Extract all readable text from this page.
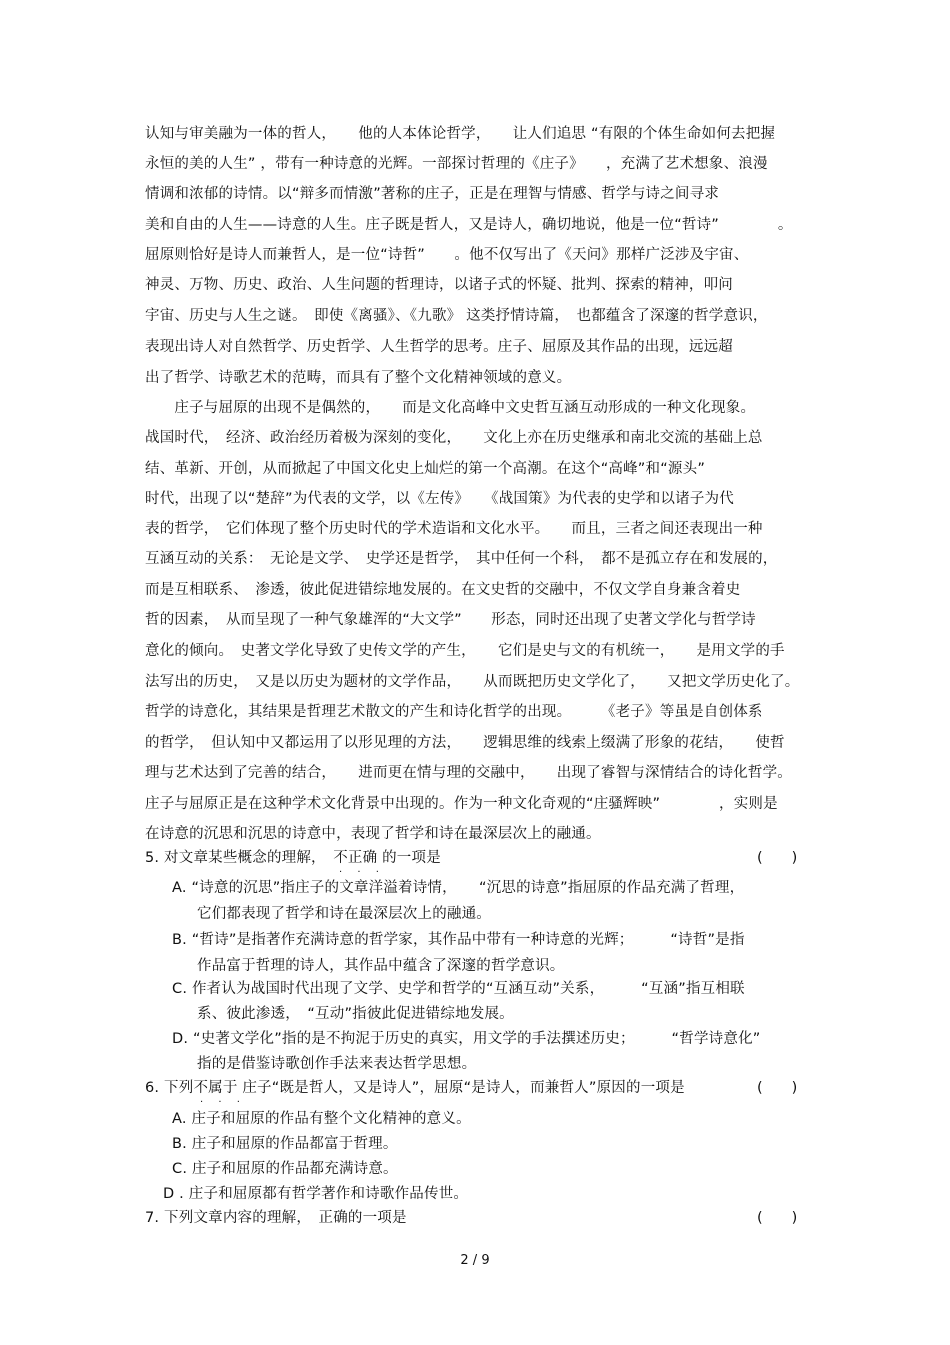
认知与审美融为一体的哲人，　　他的人本体论哲学，　　让人们追思 “有限的个体生命如何去把握
永恒的美的人生” ，带有一种诗意的光辉。一部探讨哲理的《庄子》　　，充满了艺术想象、浪漫
情调和浓郁的诗情。以“辩多而情激”著称的庄子，正是在理智与情感、哲学与诗之间寻求
美和自由的人生——诗意的人生。庄子既是哲人，又是诗人，确切地说，他是一位“哲诗”　　　　。
屈原则恰好是诗人而兼哲人，是一位“诗哲”　　。他不仅写出了《天问》那样广泛涉及宇宙、
神灵、万物、历史、政治、人生问题的哲理诗，以诸子式的怀疑、批判、探索的精神，叩问
宇宙、历史与人生之谜。　即使《离骚》、《九歌》 这类抒情诗篇，　也都蕴含了深邃的哲学意识，
表现出诗人对自然哲学、历史哲学、人生哲学的思考。庄子、屈原及其作品的出现，远远超
出了哲学、诗歌艺术的范畴，而具有了整个文化精神领域的意义。
　　庄子与屈原的出现不是偶然的，　　而是文化高峰中文史哲互涵互动形成的一种文化现象。
战国时代，　经济、政治经历着极为深刻的变化，　　文化上亦在历史继承和南北交流的基础上总
结、革新、开创，从而掀起了中国文化史上灿烂的第一个高潮。在这个“高峰”和“源头”
时代，出现了以“楚辞”为代表的文学，以《左传》　　《战国策》为代表的史学和以诸子为代
表的哲学，　它们体现了整个历史时代的学术造诣和文化水平。　　而且，三者之间还表现出一种
互涵互动的关系：　无论是文学、　史学还是哲学，　其中任何一个科，　都不是孤立存在和发展的，
而是互相联系、　渗透，彼此促进错综地发展的。在文史哲的交融中，不仅文学自身兼含着史
哲的因素，　从而呈现了一种气象雄浑的“大文学”　　形态，同时还出现了史著文学化与哲学诗
意化的倾向。　史著文学化导致了史传文学的产生，　　它们是史与文的有机统一，　　是用文学的手
法写出的历史，　又是以历史为题材的文学作品，　　从而既把历史文学化了，　　又把文学历史化了。
哲学的诗意化，其结果是哲理艺术散文的产生和诗化哲学的出现。　　　《老子》等虽是自创体系
的哲学，　但认知中又都运用了以形见理的方法，　　逻辑思维的线索上缀满了形象的花结，　　使哲
理与艺术达到了完善的结合，　　进而更在情与理的交融中，　　出现了睿智与深情结合的诗化哲学。
庄子与屈原正是在这种学术文化背景中出现的。作为一种文化奇观的“庄骚辉映”　　　　，实则是
在诗意的沉思和沉思的诗意中，表现了哲学和诗在最深层次上的融通。
5. 对文章某些概念的理解，　不正确 的一项是
· · ·
(　　)
A. “诗意的沉思”指庄子的文章洋溢着诗情，　　“沉思的诗意”指屈原的作品充满了哲理，
它们都表现了哲学和诗在最深层次上的融通。
B. “哲诗”是指著作充满诗意的哲学家，其作品中带有一种诗意的光辉；　　　“诗哲”是指
作品富于哲理的诗人，其作品中蕴含了深邃的哲学意识。
C. 作者认为战国时代出现了文学、史学和哲学的“互涵互动”关系，　　　“互涵”指互相联
系、彼此渗透，　“互动”指彼此促进错综地发展。
D. “史著文学化”指的是不拘泥于历史的真实，用文学的手法撰述历史；　　　“哲学诗意化”
指的是借鉴诗歌创作手法来表达哲学思想。
6. 下列不属于 庄子“既是哲人，又是诗人”，屈原“是诗人，而兼哲人”原因的一项是
· · ·
(　　)
A. 庄子和屈原的作品有整个文化精神的意义。
B. 庄子和屈原的作品都富于哲理。
C. 庄子和屈原的作品都充满诗意。
D . 庄子和屈原都有哲学著作和诗歌作品传世。
7. 下列文章内容的理解，　正确的一项是	(　　)
2 / 9
